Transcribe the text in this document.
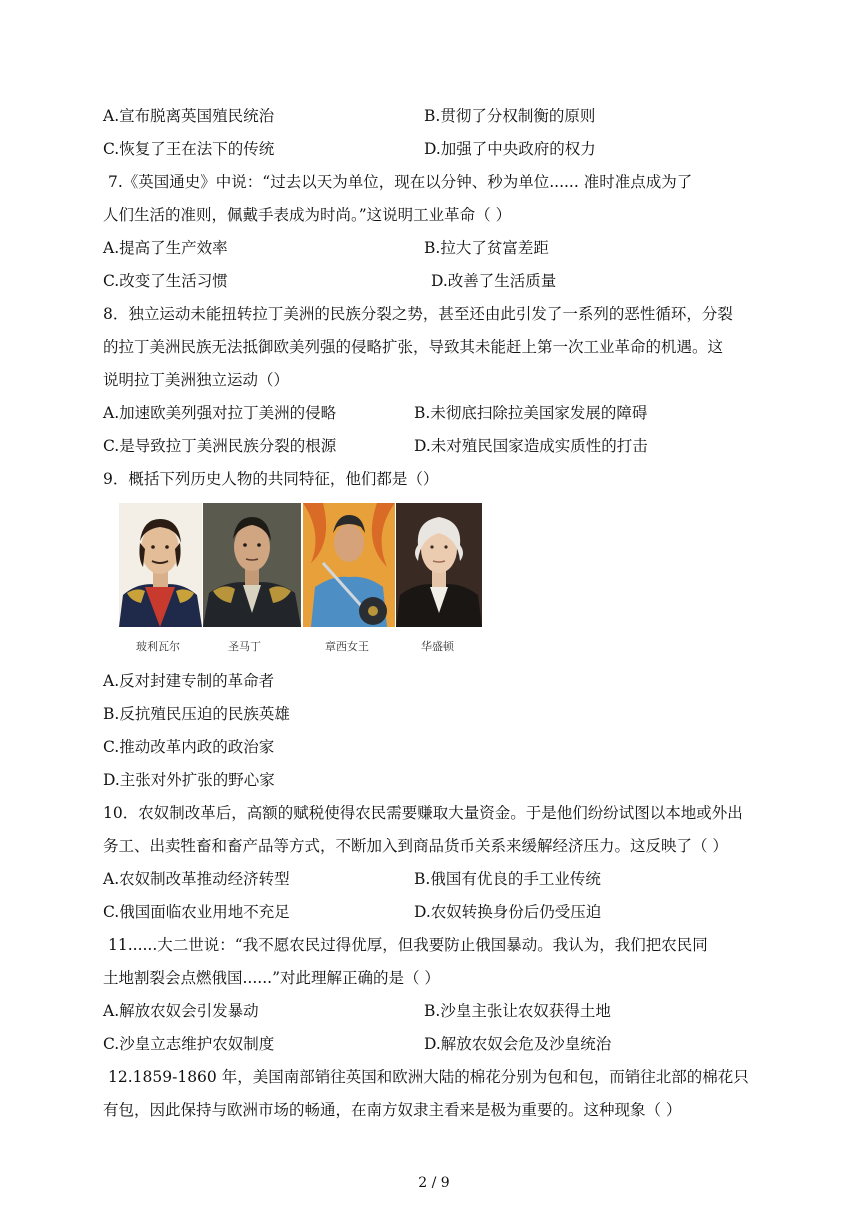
A.宣布脱离英国殖民统治	B.贯彻了分权制衡的原则
C.恢复了王在法下的传统	D.加强了中央政府的权力
7.《英国通史》中说：“过去以天为单位，现在以分钟、秒为单位...... 准时准点成为了
人们生活的准则，佩戴手表成为时尚。”这说明工业革命（ ）
A.提高了生产效率	B.拉大了贫富差距
C.改变了生活习惯	D.改善了生活质量
8．独立运动未能扭转拉丁美洲的民族分裂之势，甚至还由此引发了一系列的恶性循环，分裂
的拉丁美洲民族无法抵御欧美列强的侵略扩张，导致其未能赶上第一次工业革命的机遇。这
说明拉丁美洲独立运动（）
A.加速欧美列强对拉丁美洲的侵略	B.未彻底扫除拉美国家发展的障碍
C.是导致拉丁美洲民族分裂的根源	D.未对殖民国家造成实质性的打击
9．概括下列历史人物的共同特征，他们都是（）
玻利瓦尔	圣马丁	章西女王	华盛顿
A.反对封建专制的革命者
B.反抗殖民压迫的民族英雄
C.推动改革内政的政治家
D.主张对外扩张的野心家
10．农奴制改革后，高额的赋税使得农民需要赚取大量资金。于是他们纷纷试图以本地或外出
务工、出卖牲畜和畜产品等方式，不断加入到商品货币关系来缓解经济压力。这反映了（ ）
A.农奴制改革推动经济转型	B.俄国有优良的手工业传统
C.俄国面临农业用地不充足	D.农奴转换身份后仍受压迫
11......大二世说：“我不愿农民过得优厚，但我要防止俄国暴动。我认为，我们把农民同
土地割裂会点燃俄国......”对此理解正确的是（ ）
A.解放农奴会引发暴动	B.沙皇主张让农奴获得土地
C.沙皇立志维护农奴制度	D.解放农奴会危及沙皇统治
12.1859-1860 年，美国南部销往英国和欧洲大陆的棉花分别为包和包，而销往北部的棉花只
有包，因此保持与欧洲市场的畅通，在南方奴隶主看来是极为重要的。这种现象（ ）
2 / 9
